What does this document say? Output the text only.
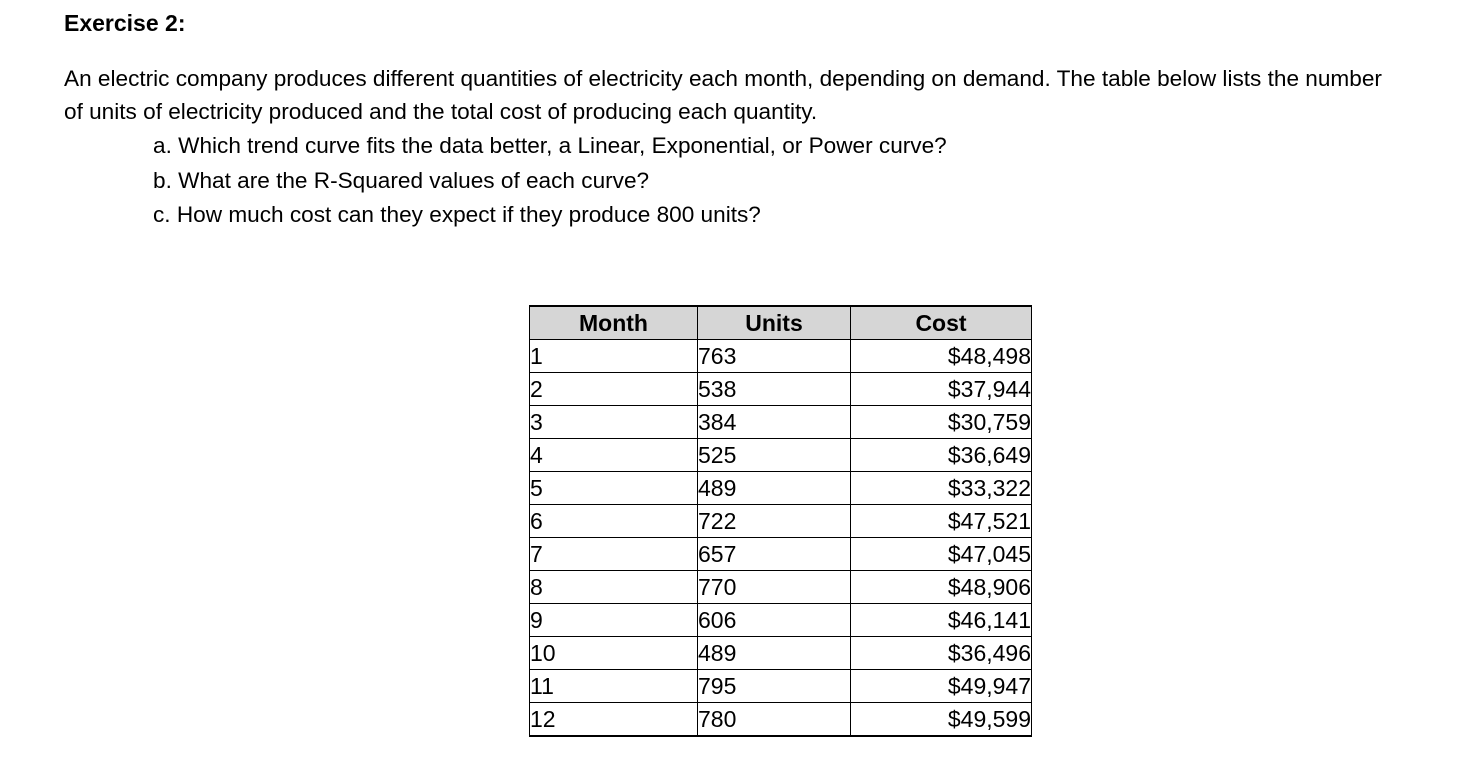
Exercise 2:

An electric company produces different quantities of electricity each month, depending on demand. The table below lists the number of units of electricity produced and the total cost of producing each quantity.

a. Which trend curve fits the data better, a Linear, Exponential, or Power curve?
b. What are the R-Squared values of each curve?
c. How much cost can they expect if they produce 800 units?
Month	Units	Cost
1	763	$48,498
2	538	$37,944
3	384	$30,759
4	525	$36,649
5	489	$33,322
6	722	$47,521
7	657	$47,045
8	770	$48,906
9	606	$46,141
10	489	$36,496
11	795	$49,947
12	780	$49,599
